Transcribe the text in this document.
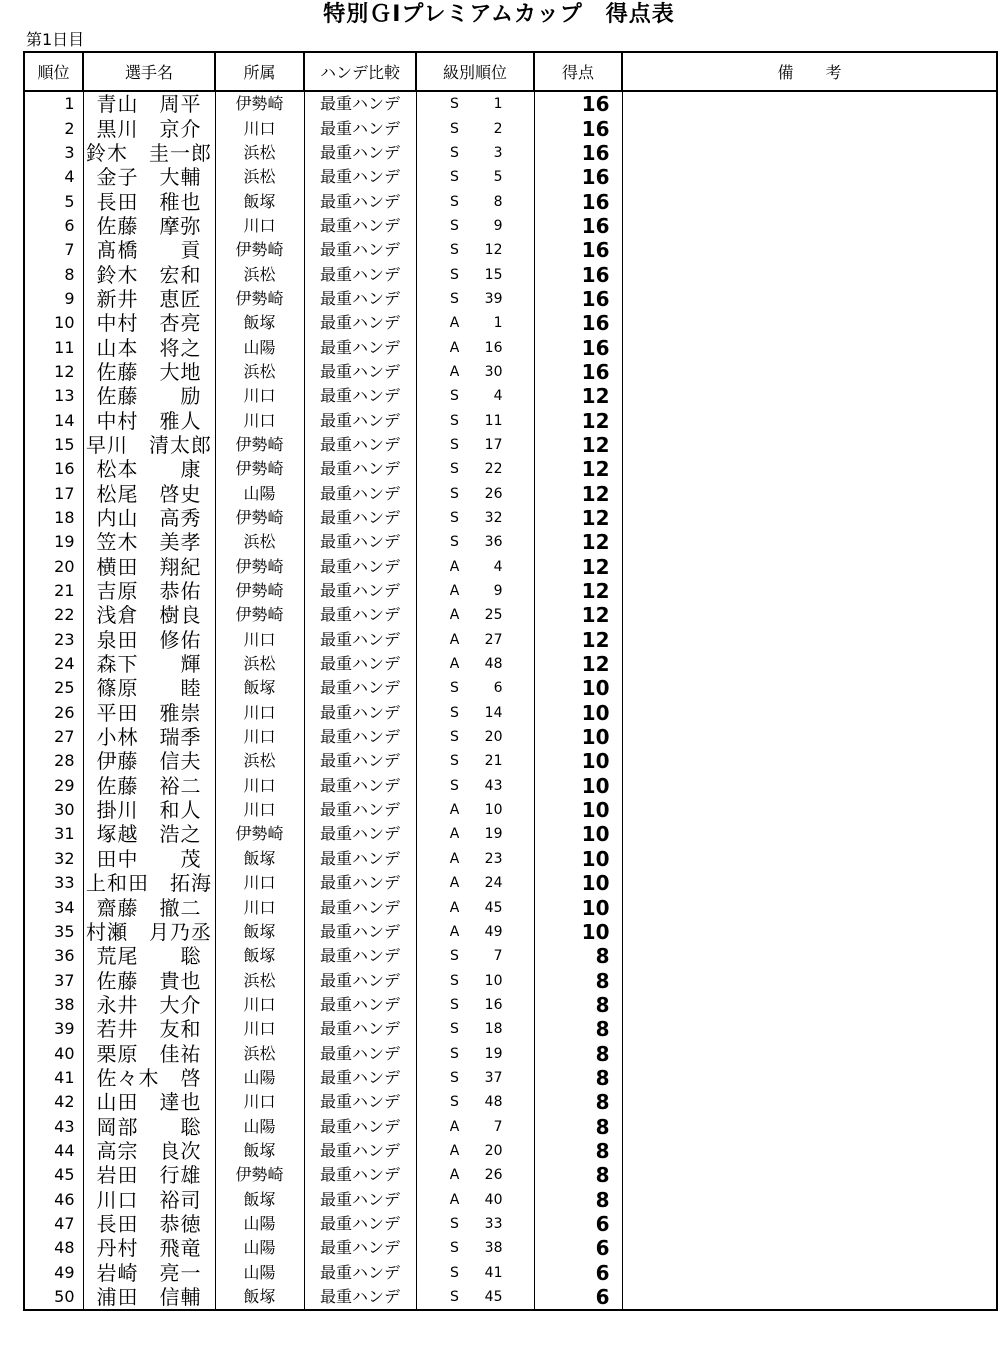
特別ＧⅠプレミアムカップ　得点表
第1日目
順位	選手名	所属	ハンデ比較	級別順位	得点	備　　考
1	青山　周平	伊勢崎	最重ハンデ	S 1	16	
2	黒川　京介	川口	最重ハンデ	S 2	16	
3	鈴木　圭一郎	浜松	最重ハンデ	S 3	16	
4	金子　大輔	浜松	最重ハンデ	S 5	16	
5	長田　稚也	飯塚	最重ハンデ	S 8	16	
6	佐藤　摩弥	川口	最重ハンデ	S 9	16	
7	髙橋　　貢	伊勢崎	最重ハンデ	S 12	16	
8	鈴木　宏和	浜松	最重ハンデ	S 15	16	
9	新井　恵匠	伊勢崎	最重ハンデ	S 39	16	
10	中村　杏亮	飯塚	最重ハンデ	A 1	16	
11	山本　将之	山陽	最重ハンデ	A 16	16	
12	佐藤　大地	浜松	最重ハンデ	A 30	16	
13	佐藤　　励	川口	最重ハンデ	S 4	12	
14	中村　雅人	川口	最重ハンデ	S 11	12	
15	早川　清太郎	伊勢崎	最重ハンデ	S 17	12	
16	松本　　康	伊勢崎	最重ハンデ	S 22	12	
17	松尾　啓史	山陽	最重ハンデ	S 26	12	
18	内山　高秀	伊勢崎	最重ハンデ	S 32	12	
19	笠木　美孝	浜松	最重ハンデ	S 36	12	
20	横田　翔紀	伊勢崎	最重ハンデ	A 4	12	
21	吉原　恭佑	伊勢崎	最重ハンデ	A 9	12	
22	浅倉　樹良	伊勢崎	最重ハンデ	A 25	12	
23	泉田　修佑	川口	最重ハンデ	A 27	12	
24	森下　　輝	浜松	最重ハンデ	A 48	12	
25	篠原　　睦	飯塚	最重ハンデ	S 6	10	
26	平田　雅崇	川口	最重ハンデ	S 14	10	
27	小林　瑞季	川口	最重ハンデ	S 20	10	
28	伊藤　信夫	浜松	最重ハンデ	S 21	10	
29	佐藤　裕二	川口	最重ハンデ	S 43	10	
30	掛川　和人	川口	最重ハンデ	A 10	10	
31	塚越　浩之	伊勢崎	最重ハンデ	A 19	10	
32	田中　　茂	飯塚	最重ハンデ	A 23	10	
33	上和田　拓海	川口	最重ハンデ	A 24	10	
34	齋藤　撤二	川口	最重ハンデ	A 45	10	
35	村瀬　月乃丞	飯塚	最重ハンデ	A 49	10	
36	荒尾　　聡	飯塚	最重ハンデ	S 7	8	
37	佐藤　貴也	浜松	最重ハンデ	S 10	8	
38	永井　大介	川口	最重ハンデ	S 16	8	
39	若井　友和	川口	最重ハンデ	S 18	8	
40	栗原　佳祐	浜松	最重ハンデ	S 19	8	
41	佐々木　啓	山陽	最重ハンデ	S 37	8	
42	山田　達也	川口	最重ハンデ	S 48	8	
43	岡部　　聡	山陽	最重ハンデ	A 7	8	
44	高宗　良次	飯塚	最重ハンデ	A 20	8	
45	岩田　行雄	伊勢崎	最重ハンデ	A 26	8	
46	川口　裕司	飯塚	最重ハンデ	A 40	8	
47	長田　恭徳	山陽	最重ハンデ	S 33	6	
48	丹村　飛竜	山陽	最重ハンデ	S 38	6	
49	岩崎　亮一	山陽	最重ハンデ	S 41	6	
50	浦田　信輔	飯塚	最重ハンデ	S 45	6	
